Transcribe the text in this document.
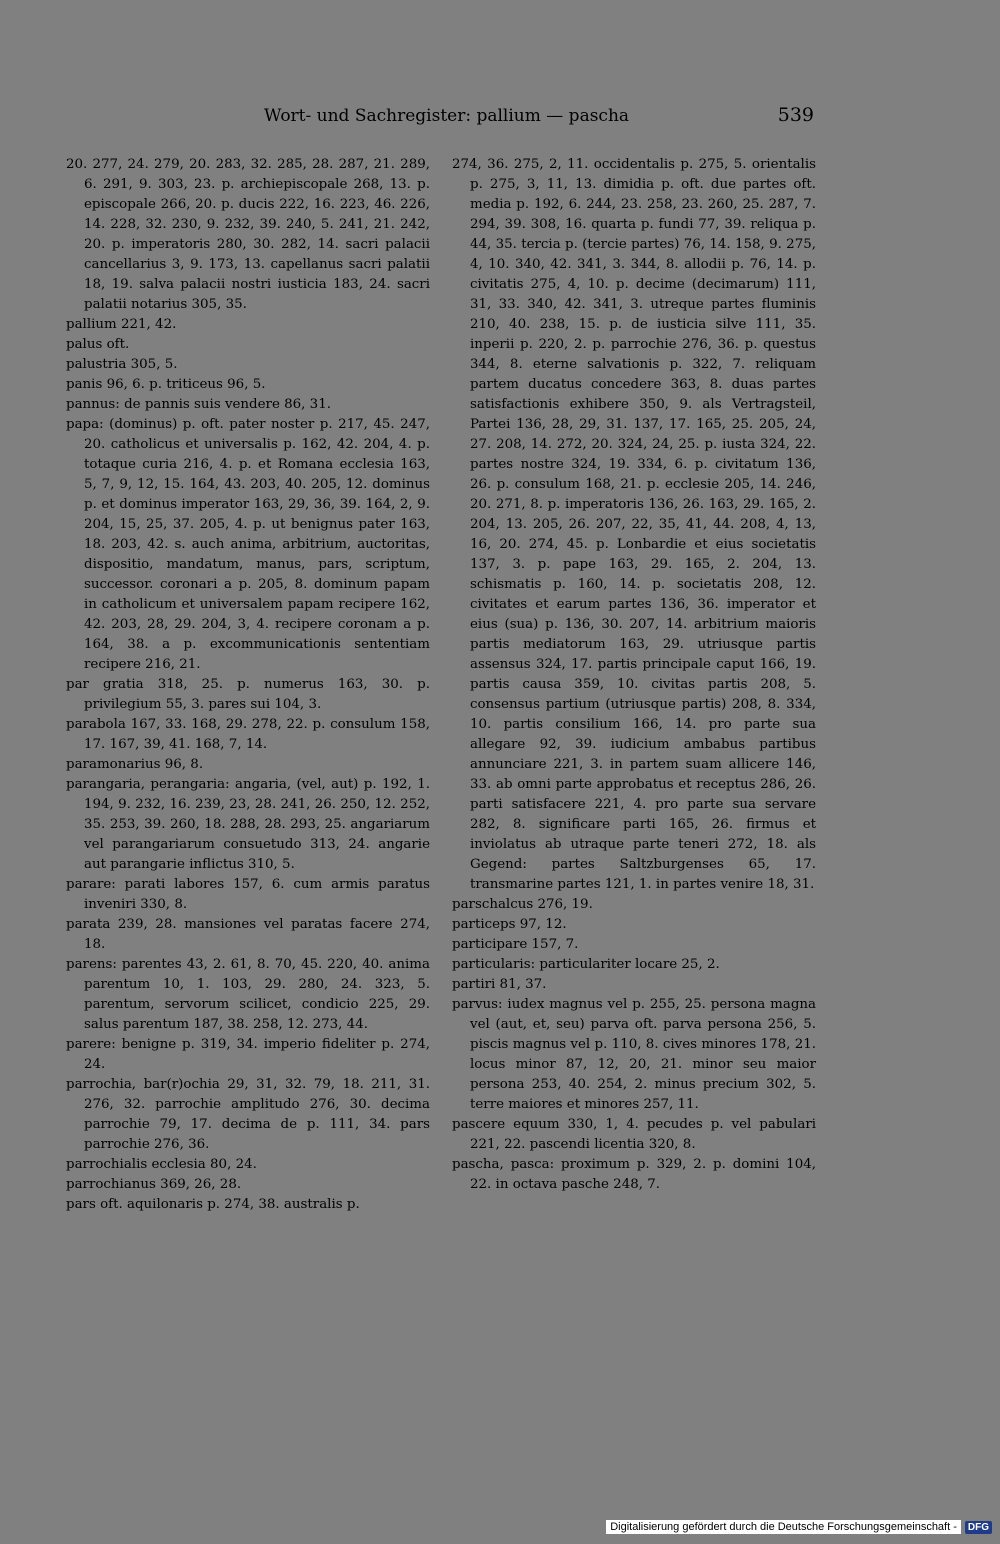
Wort- und Sachregister: pallium — pascha	539

20. 277, 24. 279, 20. 283, 32. 285, 28. 287, 21. 289, 6. 291, 9. 303, 23. p. archiepiscopale 268, 13. p. episcopale 266, 20. p. ducis 222, 16. 223, 46. 226, 14. 228, 32. 230, 9. 232, 39. 240, 5. 241, 21. 242, 20. p. imperatoris 280, 30. 282, 14. sacri palacii cancellarius 3, 9. 173, 13. capellanus sacri palatii 18, 19. salva palacii nostri iusticia 183, 24. sacri palatii notarius 305, 35.

pallium 221, 42.

palus oft.

palustria 305, 5.

panis 96, 6. p. triticeus 96, 5.

pannus: de pannis suis vendere 86, 31.

papa: (dominus) p. oft. pater noster p. 217, 45. 247, 20. catholicus et universalis p. 162, 42. 204, 4. p. totaque curia 216, 4. p. et Romana ecclesia 163, 5, 7, 9, 12, 15. 164, 43. 203, 40. 205, 12. dominus p. et dominus imperator 163, 29, 36, 39. 164, 2, 9. 204, 15, 25, 37. 205, 4. p. ut benignus pater 163, 18. 203, 42. s. auch anima, arbitrium, auctoritas, dispositio, mandatum, manus, pars, scriptum, successor. coronari a p. 205, 8. dominum papam in catholicum et universalem papam recipere 162, 42. 203, 28, 29. 204, 3, 4. recipere coronam a p. 164, 38. a p. excommunicationis sententiam recipere 216, 21.

par gratia 318, 25. p. numerus 163, 30. p. privilegium 55, 3. pares sui 104, 3.

parabola 167, 33. 168, 29. 278, 22. p. consulum 158, 17. 167, 39, 41. 168, 7, 14.

paramonarius 96, 8.

parangaria, perangaria: angaria, (vel, aut) p. 192, 1. 194, 9. 232, 16. 239, 23, 28. 241, 26. 250, 12. 252, 35. 253, 39. 260, 18. 288, 28. 293, 25. angariarum vel parangariarum consuetudo 313, 24. angarie aut parangarie inflictus 310, 5.

parare: parati labores 157, 6. cum armis paratus inveniri 330, 8.

parata 239, 28. mansiones vel paratas facere 274, 18.

parens: parentes 43, 2. 61, 8. 70, 45. 220, 40. anima parentum 10, 1. 103, 29. 280, 24. 323, 5. parentum, servorum scilicet, condicio 225, 29. salus parentum 187, 38. 258, 12. 273, 44.

parere: benigne p. 319, 34. imperio fideliter p. 274, 24.

parrochia, bar(r)ochia 29, 31, 32. 79, 18. 211, 31. 276, 32. parrochie amplitudo 276, 30. decima parrochie 79, 17. decima de p. 111, 34. pars parrochie 276, 36.

parrochialis ecclesia 80, 24.

parrochianus 369, 26, 28.

pars oft. aquilonaris p. 274, 38. australis p.

274, 36. 275, 2, 11. occidentalis p. 275, 5. orientalis p. 275, 3, 11, 13. dimidia p. oft. due partes oft. media p. 192, 6. 244, 23. 258, 23. 260, 25. 287, 7. 294, 39. 308, 16. quarta p. fundi 77, 39. reliqua p. 44, 35. tercia p. (tercie partes) 76, 14. 158, 9. 275, 4, 10. 340, 42. 341, 3. 344, 8. allodii p. 76, 14. p. civitatis 275, 4, 10. p. decime (decimarum) 111, 31, 33. 340, 42. 341, 3. utreque partes fluminis 210, 40. 238, 15. p. de iusticia silve 111, 35. inperii p. 220, 2. p. parrochie 276, 36. p. questus 344, 8. eterne salvationis p. 322, 7. reliquam partem ducatus concedere 363, 8. duas partes satisfactionis exhibere 350, 9. als Vertragsteil, Partei 136, 28, 29, 31. 137, 17. 165, 25. 205, 24, 27. 208, 14. 272, 20. 324, 24, 25. p. iusta 324, 22. partes nostre 324, 19. 334, 6. p. civitatum 136, 26. p. consulum 168, 21. p. ecclesie 205, 14. 246, 20. 271, 8. p. imperatoris 136, 26. 163, 29. 165, 2. 204, 13. 205, 26. 207, 22, 35, 41, 44. 208, 4, 13, 16, 20. 274, 45. p. Lonbardie et eius societatis 137, 3. p. pape 163, 29. 165, 2. 204, 13. schismatis p. 160, 14. p. societatis 208, 12. civitates et earum partes 136, 36. imperator et eius (sua) p. 136, 30. 207, 14. arbitrium maioris partis mediatorum 163, 29. utriusque partis assensus 324, 17. partis principale caput 166, 19. partis causa 359, 10. civitas partis 208, 5. consensus partium (utriusque partis) 208, 8. 334, 10. partis consilium 166, 14. pro parte sua allegare 92, 39. iudicium ambabus partibus annunciare 221, 3. in partem suam allicere 146, 33. ab omni parte approbatus et receptus 286, 26. parti satisfacere 221, 4. pro parte sua servare 282, 8. significare parti 165, 26. firmus et inviolatus ab utraque parte teneri 272, 18. als Gegend: partes Saltzburgenses 65, 17. transmarine partes 121, 1. in partes venire 18, 31.

parschalcus 276, 19.

particeps 97, 12.

participare 157, 7.

particularis: particulariter locare 25, 2.

partiri 81, 37.

parvus: iudex magnus vel p. 255, 25. persona magna vel (aut, et, seu) parva oft. parva persona 256, 5. piscis magnus vel p. 110, 8. cives minores 178, 21. locus minor 87, 12, 20, 21. minor seu maior persona 253, 40. 254, 2. minus precium 302, 5. terre maiores et minores 257, 11.

pascere equum 330, 1, 4. pecudes p. vel pabulari 221, 22. pascendi licentia 320, 8.

pascha, pasca: proximum p. 329, 2. p. domini 104, 22. in octava pasche 248, 7.

Digitalisierung gefördert durch die Deutsche Forschungsgemeinschaft -	DFG
